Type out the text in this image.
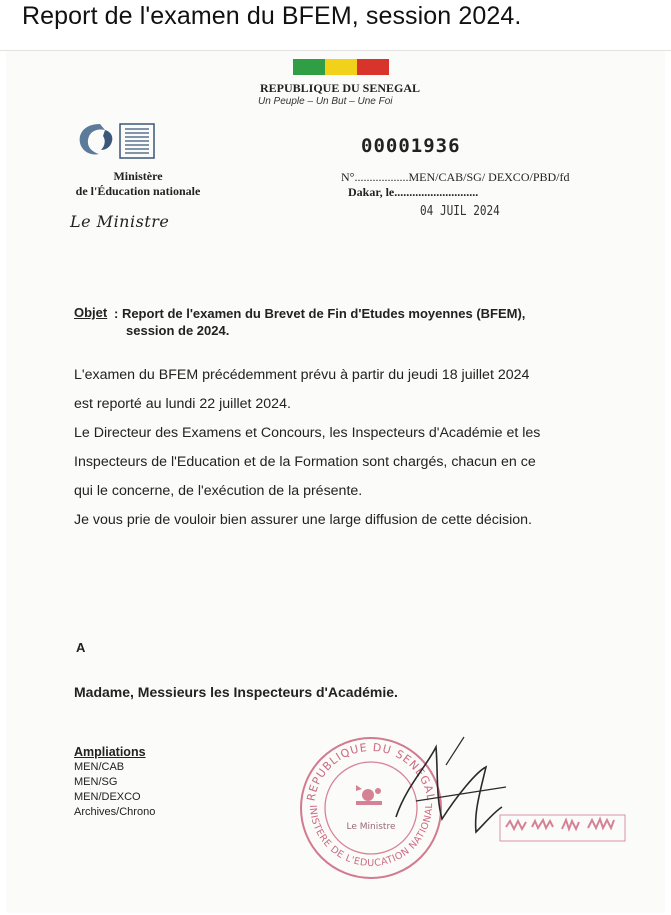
Report de l'examen du BFEM, session 2024.
REPUBLIQUE DU SENEGAL
Un Peuple – Un But – Une Foi
Ministère
de l'Éducation nationale
Le Ministre
00001936
N°..................MEN/CAB/SG/ DEXCO/PBD/fd
Dakar, le............................
04 JUIL 2024
Objet : Report de l'examen du Brevet de Fin d'Etudes moyennes (BFEM),
session de 2024.

L'examen du BFEM précédemment prévu à partir du jeudi 18 juillet 2024

est reporté au lundi 22 juillet 2024.

Le Directeur des Examens et Concours, les Inspecteurs d'Académie et les

Inspecteurs de l'Education et de la Formation sont chargés, chacun en ce

qui le concerne, de l'exécution de la présente.

Je vous prie de vouloir bien assurer une large diffusion de cette décision.

A
Madame, Messieurs les Inspecteurs d'Académie.
Ampliations
MEN/CAB
MEN/SG
MEN/DEXCO
Archives/Chrono
REPUBLIQUE DU SENEGAL
INISTERE DE L'EDUCATION NATIONAL
Le Ministre
